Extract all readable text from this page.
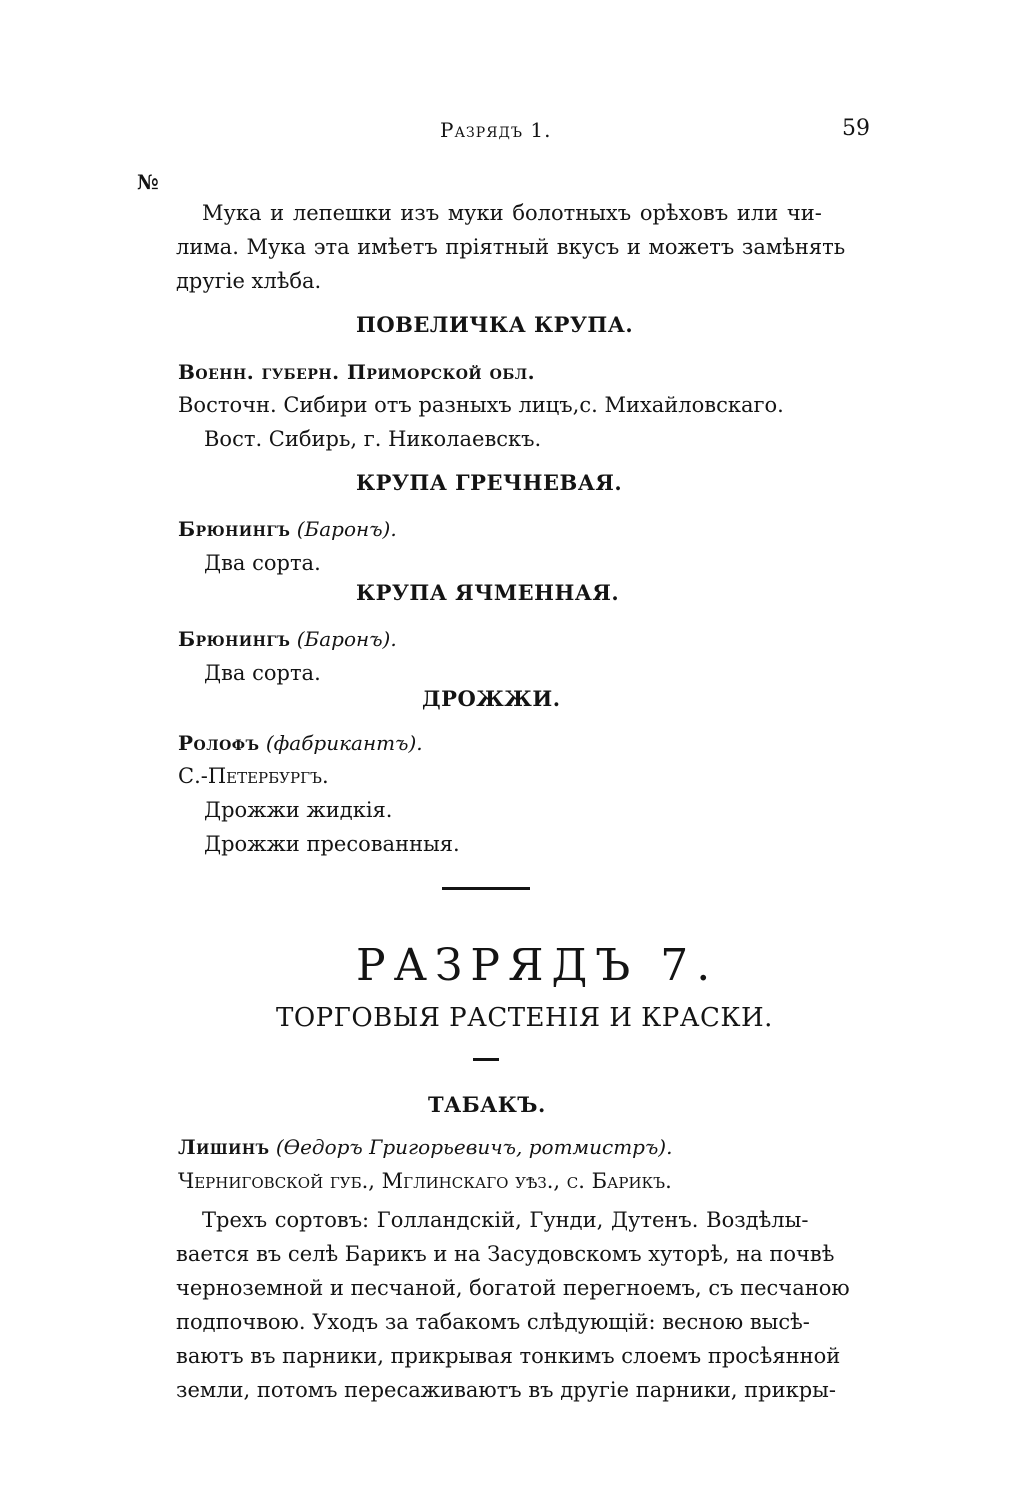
Разрядъ 1.	59
№
Мука и лепешки изъ муки болотныхъ орѣховъ или чи-
лима. Мука эта имѣетъ пріятный вкусъ и можетъ замѣнять
другіе хлѣба.
ПОВЕЛИЧКА КРУПА.
Военн. губерн. Приморской обл.
Восточн. Сибири отъ разныхъ лицъ,с. Михайловскаго.
Вост. Сибирь, г. Николаевскъ.
КРУПА ГРЕЧНЕВАЯ.
Брюнингъ (Баронъ).
Два сорта.
КРУПА ЯЧМЕННАЯ.
Брюнингъ (Баронъ).
Два сорта.
ДРОЖЖИ.
Ролофъ (фабрикантъ).
С.-Петербургъ.
Дрожжи жидкія.
Дрожжи пресованныя.
РАЗРЯДЪ 7.
ТОРГОВЫЯ РАСТЕНІЯ И КРАСКИ.
ТАБАКЪ.
Лишинъ (Ѳедоръ Григорьевичъ, ротмистръ).
Черниговской губ., Мглинскаго уѣз., с. Барикъ.
Трехъ сортовъ: Голландскій, Гунди, Дутенъ. Воздѣлы-
вается въ селѣ Барикъ и на Засудовскомъ хуторѣ, на почвѣ
черноземной и песчаной, богатой перегноемъ, съ песчаною
подпочвою. Уходъ за табакомъ слѣдующій: весною высѣ-
ваютъ въ парники, прикрывая тонкимъ слоемъ просѣянной
земли, потомъ пересаживаютъ въ другіе парники, прикры-
